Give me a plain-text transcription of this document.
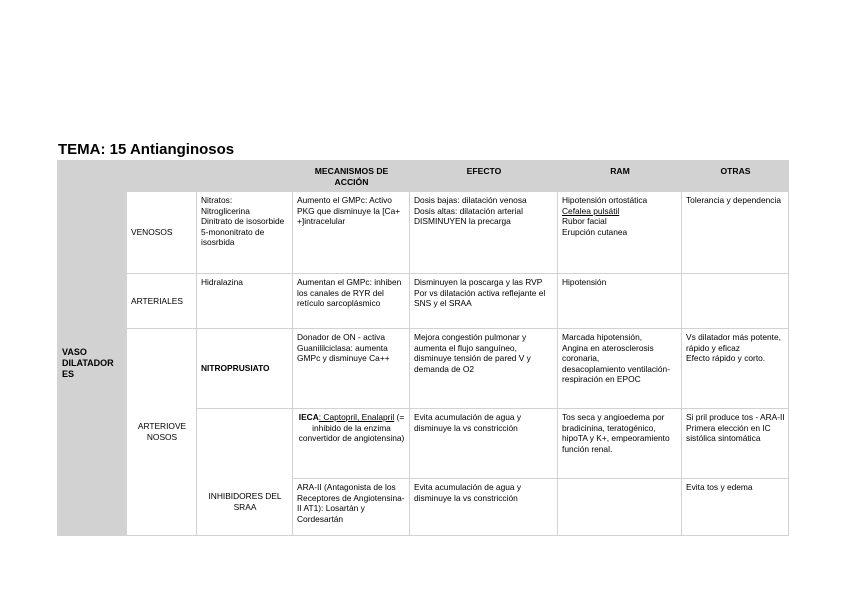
TEMA: 15 Antianginosos
			MECANISMOS DE ACCIÓN	EFECTO	RAM	OTRAS
VASO DILATADOR ES	VENOSOS	Nitratos:
Nitroglicerina
Dinitrato de isosorbide
5-mononitrato de isosrbida	Aumento el GMPc: Activo PKG que disminuye la [Ca+ +]intracelular	Dosis bajas: dilatación venosa
Dosis altas: dilatación arterial
DISMINUYEN la precarga	Hipotensión ortostática
Cefalea pulsátil
Rubor facial
Erupción cutanea	Tolerancia y dependencia
	ARTERIALES	Hidralazina	Aumentan el GMPc: inhiben los canales de RYR del retículo sarcoplásmico	Disminuyen la poscarga y las RVP
Por vs dilatación activa reflejante el SNS y el SRAA	Hipotensión	
	ARTERIOVE NOSOS	NITROPRUSIATO	Donador de ON - activa Guanililciclasa: aumenta GMPc y disminuye Ca++	Mejora congestión pulmonar y aumenta el flujo sanguíneo, disminuye tensión de pared V y demanda de O2	Marcada hipotensión,
Angina en aterosclerosis coronaria,
desacoplamiento ventilación-respiración en EPOC	Vs dilatador más potente, rápido y eficaz
Efecto rápido y corto.

		INHIBIDORES DEL SRAA	IECA: Captopril, Enalapril (= inhibido de la enzima convertidor de angiotensina)	Evita acumulación de agua y disminuye la vs constricción	Tos seca y angioedema por bradicinina, teratogénico, hipoTA y K+, empeoramiento función renal.	Si pril produce tos - ARA-II
Primera elección en IC sistólica sintomática

			ARA-II (Antagonista de los Receptores de Angiotensina-II AT1): Losartán y Cordesartán	Evita acumulación de agua y disminuye la vs constricción		Evita tos y edema
